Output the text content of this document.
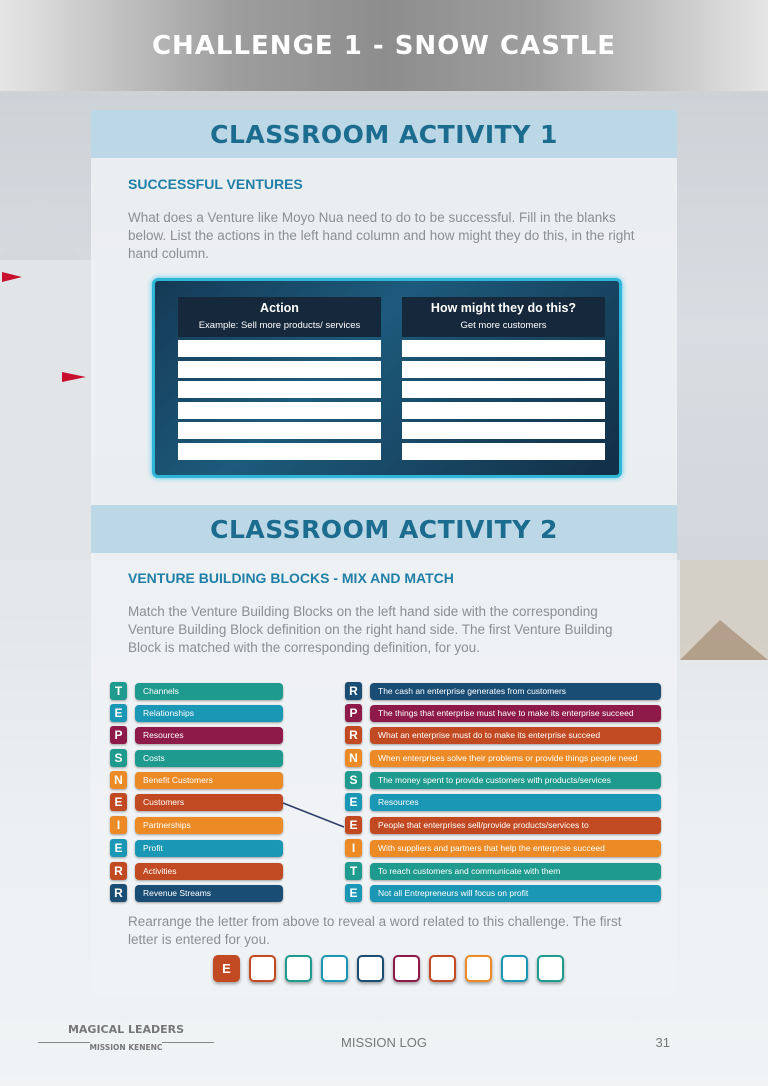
CHALLENGE 1 - SNOW CASTLE
CLASSROOM ACTIVITY 1
SUCCESSFUL VENTURES
What does a Venture like Moyo Nua need to do to be successful. Fill in the blanks below. List the actions in the left hand column and how might they do this, in the right hand column.
Action
Example: Sell more products/ services
How might they do this?
Get more customers
CLASSROOM ACTIVITY 2
VENTURE BUILDING BLOCKS - MIX AND MATCH
Match the Venture Building Blocks on the left hand side with the corresponding Venture Building Block definition on the right hand side. The first Venture Building Block is matched with the corresponding definition, for you.
T	Channels
E	Relationships
P	Resources
S	Costs
N	Benefit Customers
E	Customers
I	Partnerships
E	Profit
R	Activities
R	Revenue Streams
R	The cash an enterprise generates from customers
P	The things that enterprise must have to make its enterprise succeed
R	What an enterprise must do to make its enterprise succeed
N	When enterprises solve their problems or provide things people need
S	The money spent to provide customers with products/services
E	Resources
E	People that enterprises sell/provide products/services to
I	With suppliers and partners that help the enterprsie succeed
T	To reach customers and communicate with them
E	Not all Entrepreneurs will focus on profit
Rearrange the letter from above to reveal a word related to this challenge. The first letter is entered for you.
E
MAGICAL LEADERS
MISSION KENENC	MISSION LOG	31
